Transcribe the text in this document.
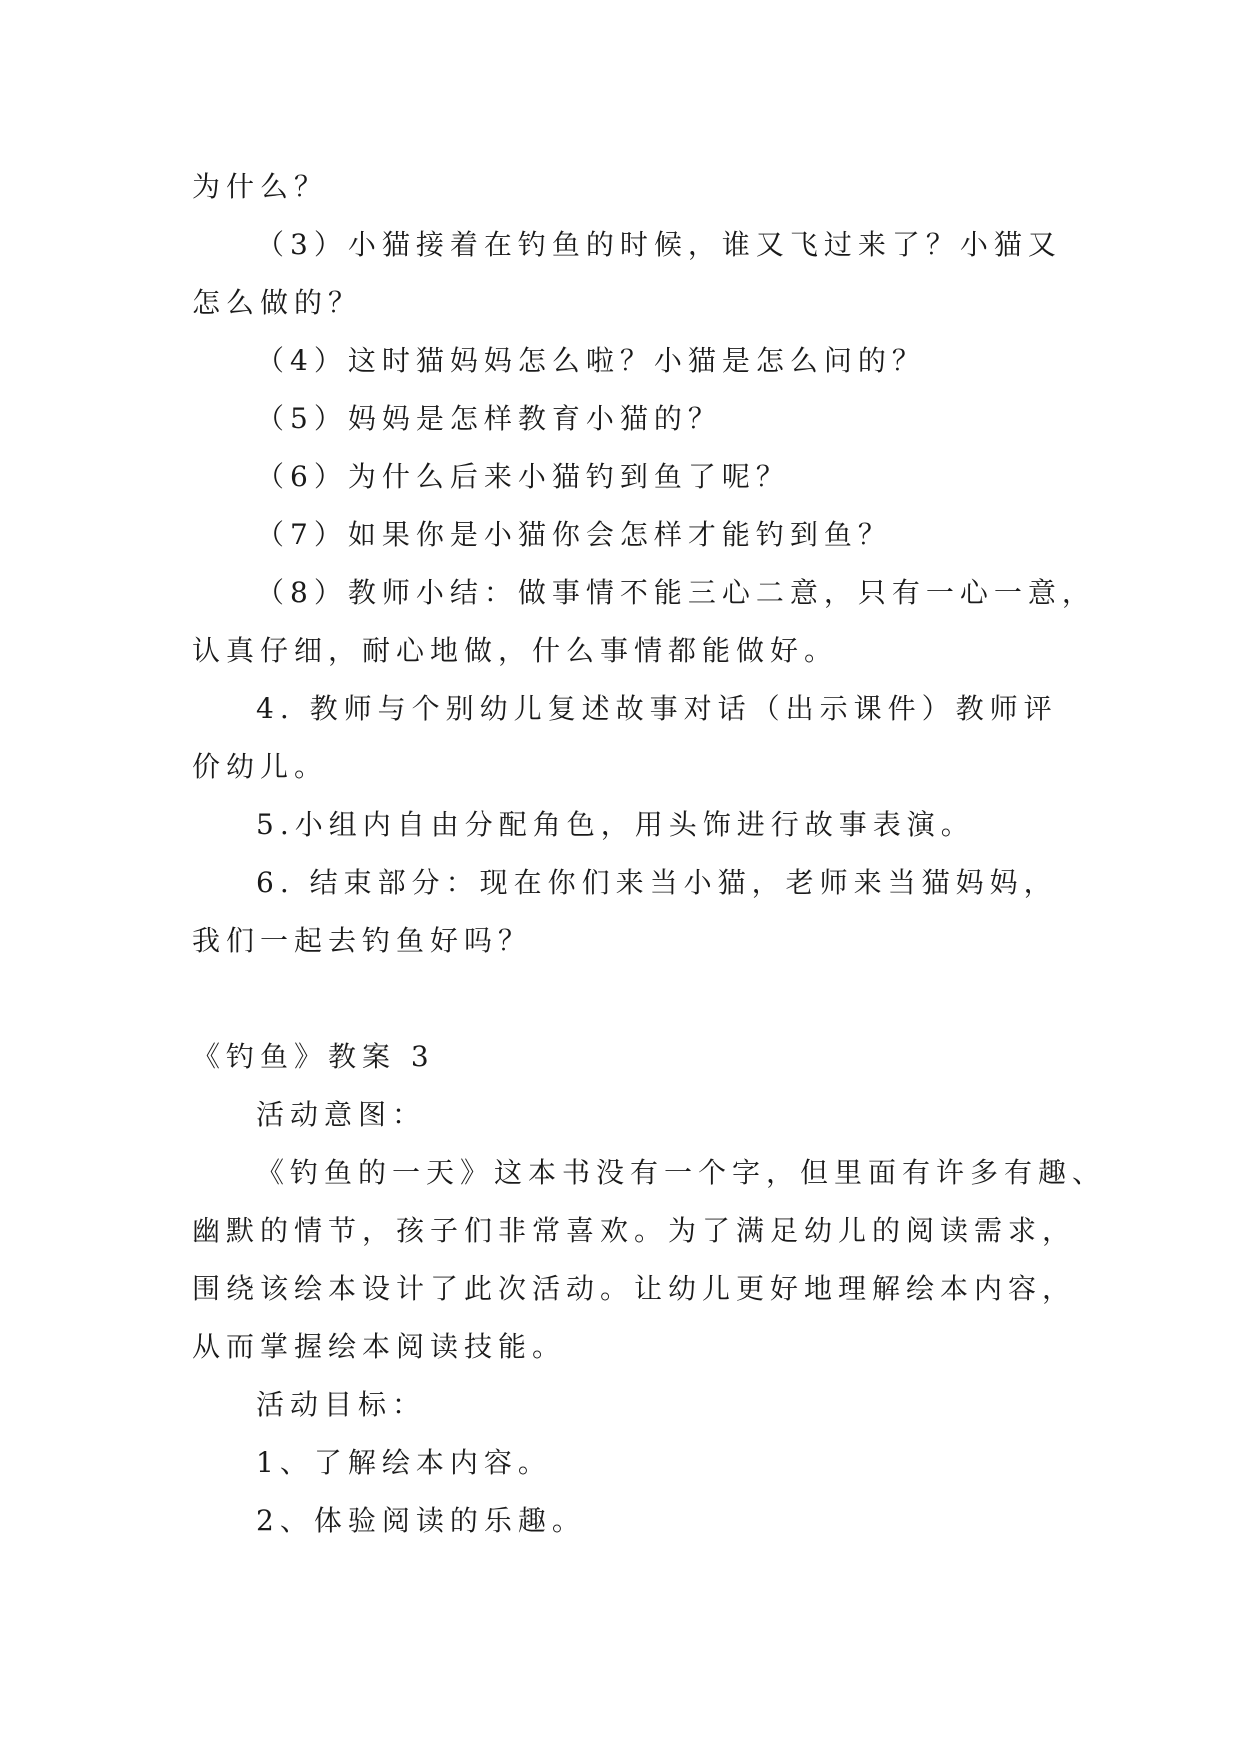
为什么？
（3）小猫接着在钓鱼的时候，谁又飞过来了？小猫又
怎么做的？
（4）这时猫妈妈怎么啦？小猫是怎么问的？
（5）妈妈是怎样教育小猫的？
（6）为什么后来小猫钓到鱼了呢？
（7）如果你是小猫你会怎样才能钓到鱼？
（8）教师小结：做事情不能三心二意，只有一心一意，
认真仔细，耐心地做，什么事情都能做好。
4. 教师与个别幼儿复述故事对话（出示课件）教师评
价幼儿。
5.小组内自由分配角色，用头饰进行故事表演。
6. 结束部分：现在你们来当小猫，老师来当猫妈妈，
我们一起去钓鱼好吗？
《钓鱼》教案 3
活动意图：
《钓鱼的一天》这本书没有一个字，但里面有许多有趣、
幽默的情节，孩子们非常喜欢。为了满足幼儿的阅读需求，
围绕该绘本设计了此次活动。让幼儿更好地理解绘本内容，
从而掌握绘本阅读技能。
活动目标：
1、了解绘本内容。
2、体验阅读的乐趣。
